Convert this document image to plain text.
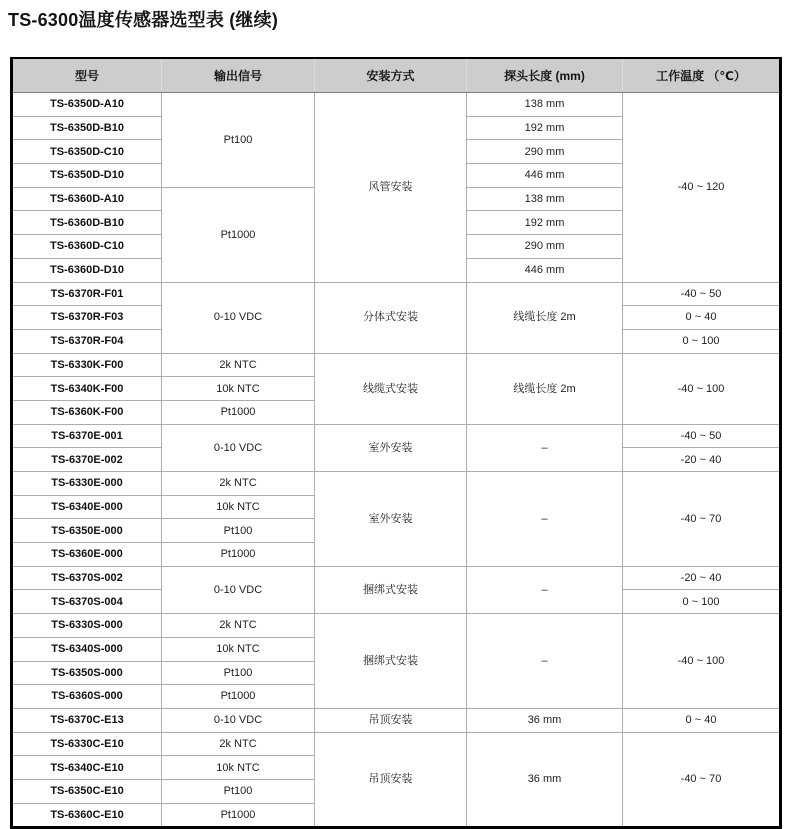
TS-6300温度传感器选型表 (继续)
型号	输出信号	安装方式	探头长度 (mm)	工作温度 （℃）
TS-6350D-A10	Pt100	风管安装	138 mm	-40 ~ 120
TS-6350D-B10			192 mm	
TS-6350D-C10			290 mm	
TS-6350D-D10			446 mm	
TS-6360D-A10	Pt1000		138 mm	
TS-6360D-B10			192 mm	
TS-6360D-C10			290 mm	
TS-6360D-D10			446 mm	
TS-6370R-F01	0-10 VDC	分体式安装	线缆长度 2m	-40 ~ 50
TS-6370R-F03				0 ~ 40
TS-6370R-F04				0 ~ 100
TS-6330K-F00	2k NTC	线缆式安装	线缆长度 2m	-40 ~ 100
TS-6340K-F00	10k NTC			
TS-6360K-F00	Pt1000			
TS-6370E-001	0-10 VDC	室外安装	–	-40 ~ 50
TS-6370E-002				-20 ~ 40
TS-6330E-000	2k NTC	室外安装	–	-40 ~ 70
TS-6340E-000	10k NTC			
TS-6350E-000	Pt100			
TS-6360E-000	Pt1000			
TS-6370S-002	0-10 VDC	捆绑式安装	–	-20 ~ 40
TS-6370S-004				0 ~ 100
TS-6330S-000	2k NTC	捆绑式安装	–	-40 ~ 100
TS-6340S-000	10k NTC			
TS-6350S-000	Pt100			
TS-6360S-000	Pt1000			
TS-6370C-E13	0-10 VDC	吊顶安装	36 mm	0 ~ 40
TS-6330C-E10	2k NTC	吊顶安装	36 mm	-40 ~ 70
TS-6340C-E10	10k NTC			
TS-6350C-E10	Pt100			
TS-6360C-E10	Pt1000			
